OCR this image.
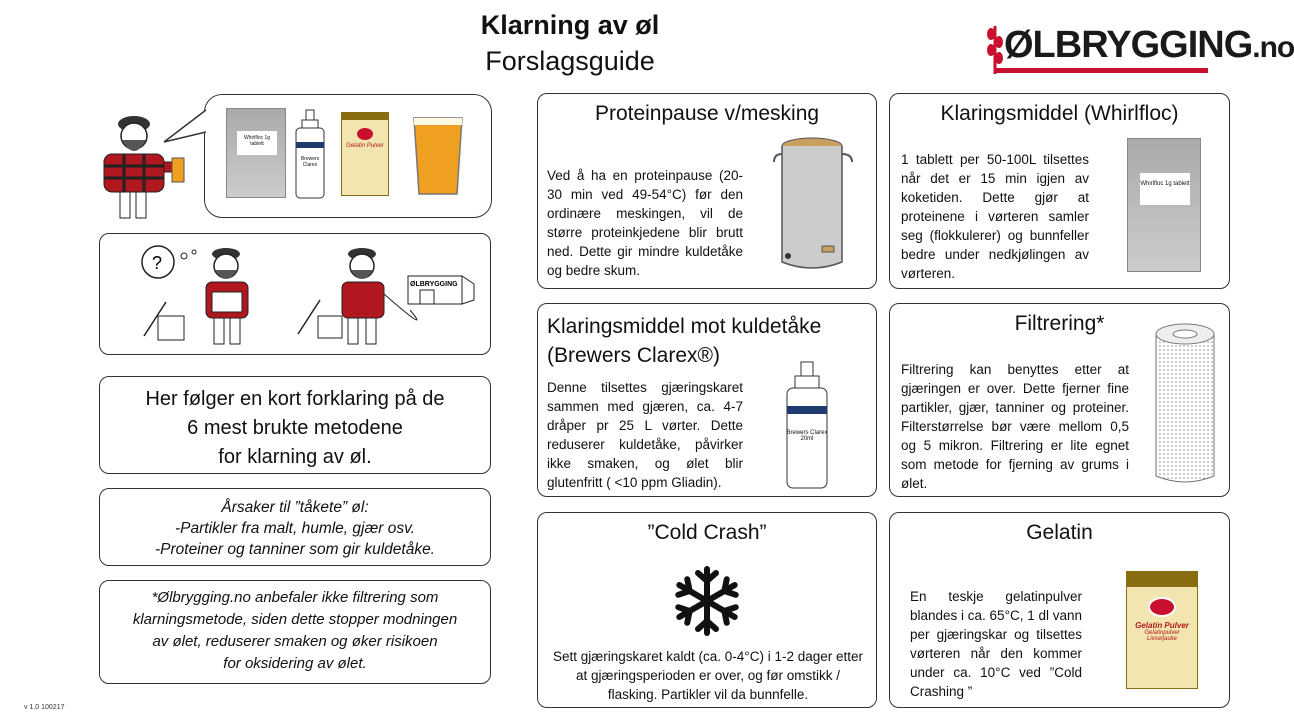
Klarning av øl
Forslagsguide	ØLBRYGGING.no
Whirlfloc 1g tablett
Brewers Clarex
Gelatin Pulver
?
ØLBRYGGING
Her følger en kort forklaring på de
6 mest brukte metodene
for klarning av øl.
Årsaker til ”tåkete” øl:
-Partikler fra malt, humle, gjær osv.
-Proteiner og tanniner som gir kuldetåke.
*Ølbrygging.no anbefaler ikke filtrering som
klarningsmetode, siden dette stopper modningen
av ølet, reduserer smaken og øker risikoen
for oksidering av ølet.
Proteinpause v/mesking
Ved å ha en proteinpause (20-30 min ved 49-54°C) før den ordinære meskingen, vil de større proteinkjedene blir brutt ned. Dette gir mindre kuldetåke og bedre skum.
Klaringsmiddel (Whirlfloc)
1 tablett per 50-100L tilsettes når det er 15 min igjen av koketiden. Dette gjør at proteinene i vørteren samler seg (flokkulerer) og bunnfeller bedre under nedkjølingen av vørteren.
Whirlfloc 1g tablett
Klaringsmiddel mot kuldetåke
(Brewers Clarex®)
Denne tilsettes gjæringskaret sammen med gjæren, ca. 4-7 dråper pr 25 L vørter. Dette reduserer kuldetåke, påvirker ikke smaken, og ølet blir glutenfritt ( <10 ppm Gliadin).
Brewers Clarex
20ml
Filtrering*
Filtrering kan benyttes etter at gjæringen er over. Dette fjerner fine partikler, gjær, tanniner og proteiner. Filterstørrelse bør være mellom 0,5 og 5 mikron. Filtrering er lite egnet som metode for fjerning av grums i ølet.
”Cold Crash”
Sett gjæringskaret kaldt (ca. 0-4°C) i 1-2 dager etter at gjæringsperioden er over, og før omstikk / flasking. Partikler vil da bunnfelle.
Gelatin
En teskje gelatinpulver blandes i ca. 65°C, 1 dl vann per gjæringskar og tilsettes vørteren når den kommer under ca. 10°C ved ”Cold Crashing ”
Gelatin Pulver
Gelatinpulver
Livsetjauke
v 1.0 100217
